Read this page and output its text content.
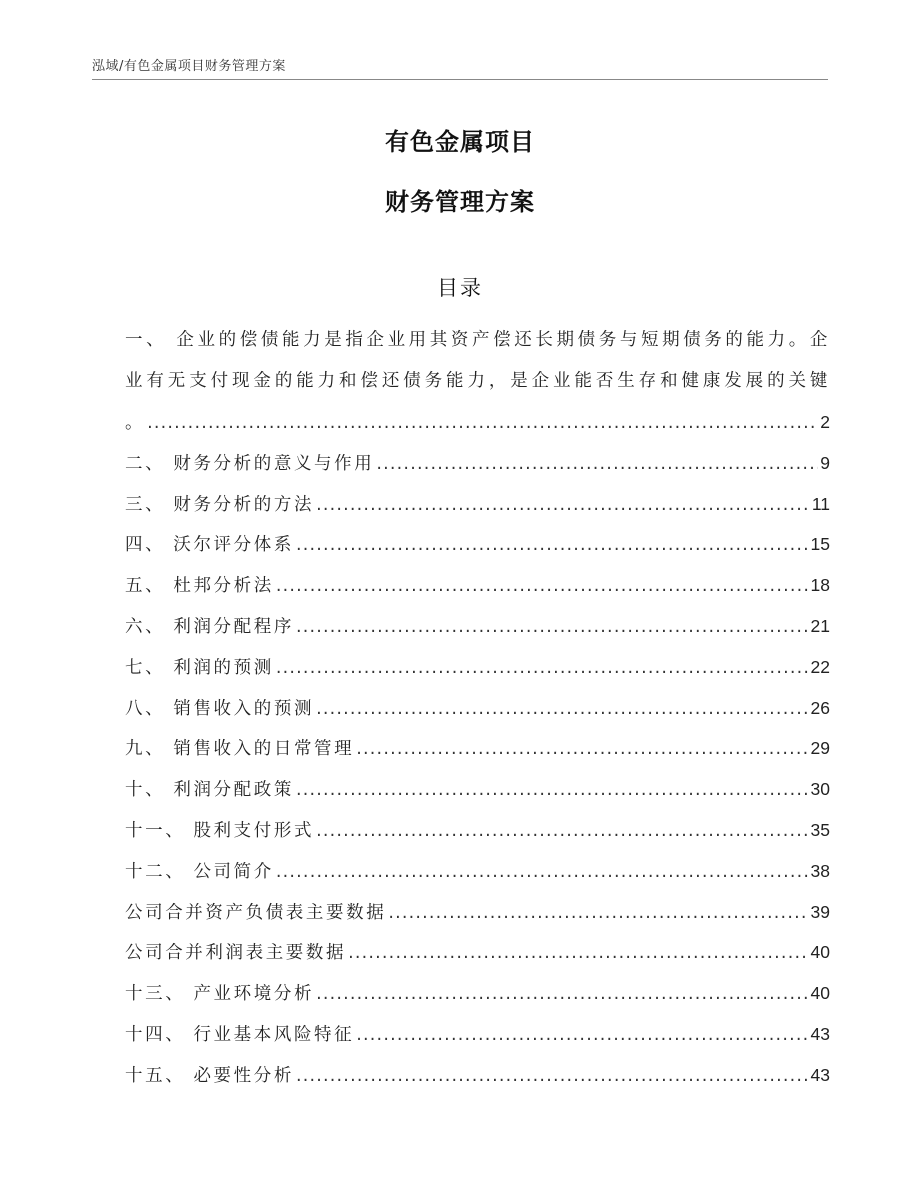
泓域/有色金属项目财务管理方案
有色金属项目
财务管理方案
目录
一、 企业的偿债能力是指企业用其资产偿还长期债务与短期债务的能力。企
业有无支付现金的能力和偿还债务能力，是企业能否生存和健康发展的关键
。 .....	2
二、 财务分析的意义与作用 .....	9
三、 财务分析的方法 .....	11
四、 沃尔评分体系 .....	15
五、 杜邦分析法 .....	18
六、 利润分配程序 .....	21
七、 利润的预测 .....	22
八、 销售收入的预测 .....	26
九、 销售收入的日常管理 .....	29
十、 利润分配政策 .....	30
十一、 股利支付形式 .....	35
十二、 公司简介 .....	38
公司合并资产负债表主要数据 .....	39
公司合并利润表主要数据 .....	40
十三、 产业环境分析 .....	40
十四、 行业基本风险特征 .....	43
十五、 必要性分析 .....	43
